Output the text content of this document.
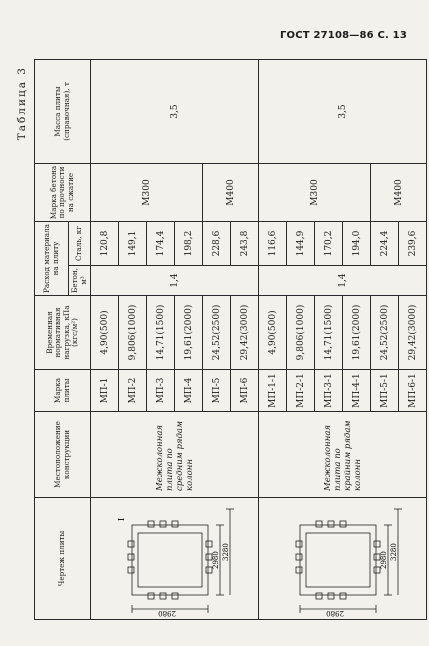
ГОСТ 27108—86 С. 13
Таблица 3
Чертеж плиты	Местоположение конструкции	Марка плиты	Временная нормативная нагрузка, кПа (кгс/м²)	Расход материала на плиту		Марка бетона по прочности на сжатие	Масса плиты (справочная), т
				Бетон, м³	Сталь, кг		

2980
2980 3280
I	Межколонная плита по средним рядам колонн	МП-1	4,90(500)	1,4	120,8	М300	3,5
		МП-2	9,806(1000)		149,1		
		МП-3	14,71(1500)		174,4		
		МП-4	19,61(2000)		198,2		
		МП-5	24,52(2500)		228,6	М400	
		МП-6	29,42(3000)		243,8		

2980
2980 3280	Межколонная плита по крайним рядам колонн	МП-1-1	4,90(500)	1,4	116,6	М300	3,5
		МП-2-1	9,806(1000)		144,9		
		МП-3-1	14,71(1500)		170,2		
		МП-4-1	19,61(2000)		194,0		
		МП-5-1	24,52(2500)		224,4	М400	
		МП-6-1	29,42(3000)		239,6		
